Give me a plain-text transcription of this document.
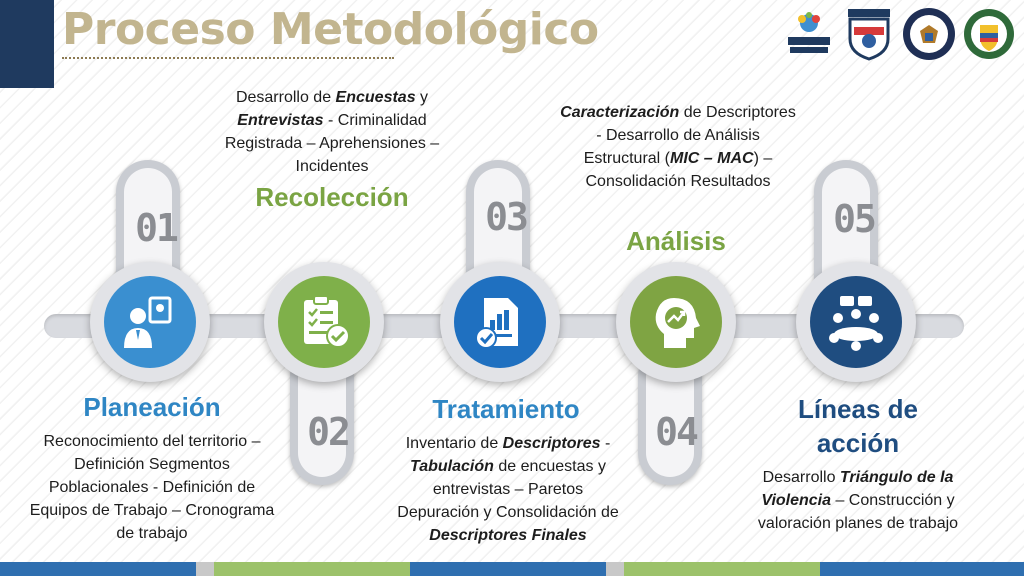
Proceso Metodológico
01
02
03
04
05
Planeación
Recolección
Tratamiento
Análisis
Líneas de acción
Reconocimiento del territorio – Definición Segmentos Poblacionales - Definición de Equipos de Trabajo – Cronograma de trabajo
Desarrollo de Encuestas y Entrevistas - Criminalidad Registrada – Aprehensiones – Incidentes
Inventario de Descriptores - Tabulación de encuestas y entrevistas – Paretos Depuración y Consolidación de Descriptores Finales
Caracterización de Descriptores - Desarrollo de Análisis Estructural (MIC – MAC) – Consolidación Resultados
Desarrollo Triángulo de la Violencia – Construcción y valoración planes de trabajo
